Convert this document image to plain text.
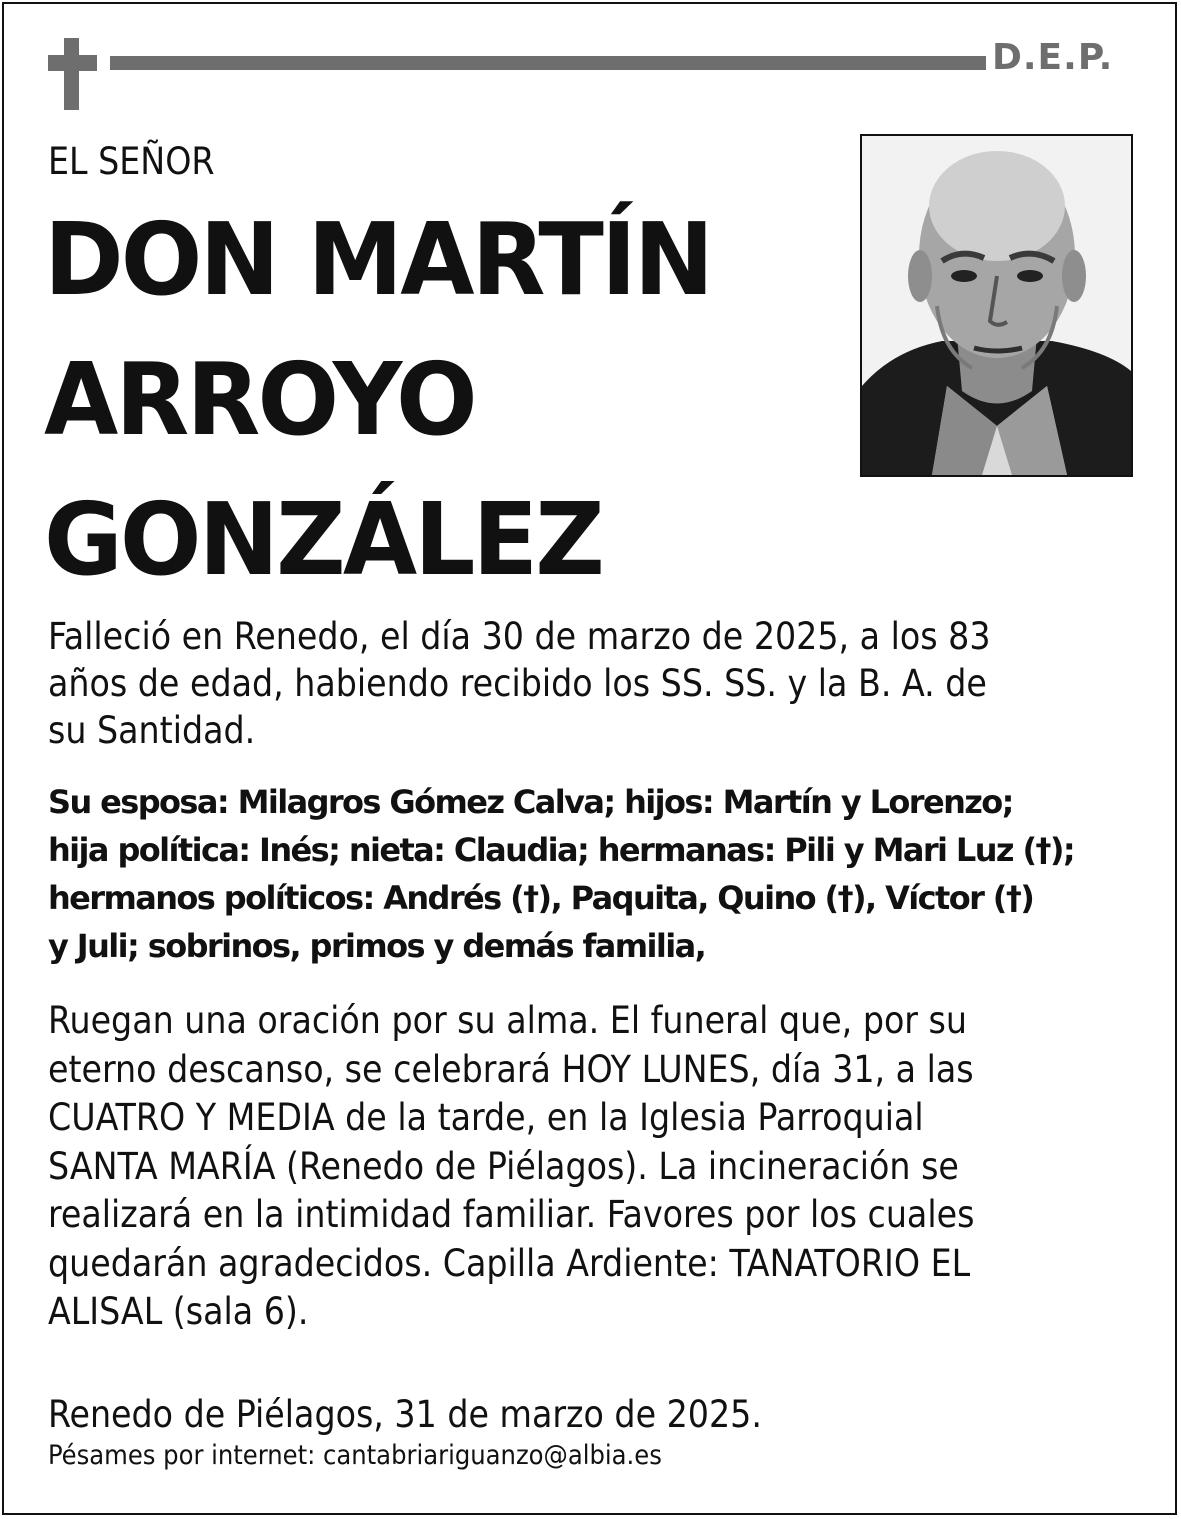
D.E.P.
EL SEÑOR
DON MARTÍN
ARROYO
GONZÁLEZ
Falleció en Renedo, el día 30 de marzo de 2025, a los 83
años de edad, habiendo recibido los SS. SS. y la B. A. de
su Santidad.
Su esposa: Milagros Gómez Calva; hijos: Martín y Lorenzo;
hija política: Inés; nieta: Claudia; hermanas: Pili y Mari Luz (†);
hermanos políticos: Andrés (†), Paquita, Quino (†), Víctor (†)
y Juli; sobrinos, primos y demás familia,
Ruegan una oración por su alma. El funeral que, por su
eterno descanso, se celebrará HOY LUNES, día 31, a las
CUATRO Y MEDIA de la tarde, en la Iglesia Parroquial
SANTA MARÍA (Renedo de Piélagos). La incineración se
realizará en la intimidad familiar. Favores por los cuales
quedarán agradecidos. Capilla Ardiente: TANATORIO EL
ALISAL (sala 6).
Renedo de Piélagos, 31 de marzo de 2025.
Pésames por internet: cantabriariguanzo@albia.es
